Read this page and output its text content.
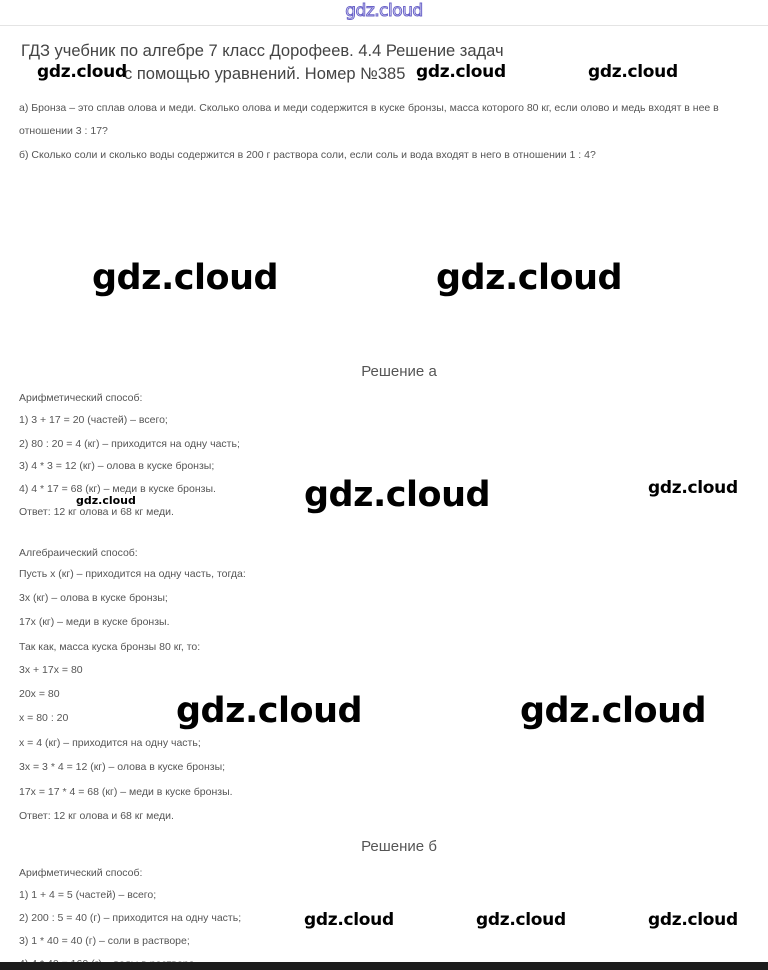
gdz.cloud
ГДЗ учебник по алгебре 7 класс Дорофеев. 4.4 Решение задач
с помощью уравнений. Номер №385
а) Бронза – это сплав олова и меди. Сколько олова и меди содержится в куске бронзы, масса которого 80 кг, если олово и медь входят в нее в отношении 3 : 17?
б) Сколько соли и сколько воды содержится в 200 г раствора соли, если соль и вода входят в него в отношении 1 : 4?
Решение а
Арифметический способ:
1) 3 + 17 = 20 (частей) – всего;
2) 80 : 20 = 4 (кг) – приходится на одну часть;
3) 4 * 3 = 12 (кг) – олова в куске бронзы;
4) 4 * 17 = 68 (кг) – меди в куске бронзы.
Ответ: 12 кг олова и 68 кг меди.
Алгебраический способ:
Пусть x (кг) – приходится на одну часть, тогда:
3x (кг) – олова в куске бронзы;
17x (кг) – меди в куске бронзы.
Так как, масса куска бронзы 80 кг, то:
3x + 17x = 80
20x = 80
x = 80 : 20
x = 4 (кг) – приходится на одну часть;
3x = 3 * 4 = 12 (кг) – олова в куске бронзы;
17x = 17 * 4 = 68 (кг) – меди в куске бронзы.
Ответ: 12 кг олова и 68 кг меди.
Решение б
Арифметический способ:
1) 1 + 4 = 5 (частей) – всего;
2) 200 : 5 = 40 (г) – приходится на одну часть;
3) 1 * 40 = 40 (г) – соли в растворе;
gdz.cloud	gdz.cloud	gdz.cloud
gdz.cloud	gdz.cloud
gdz.cloud	gdz.cloud
gdz.cloud
gdz.cloud	gdz.cloud
gdz.cloud	gdz.cloud	gdz.cloud
